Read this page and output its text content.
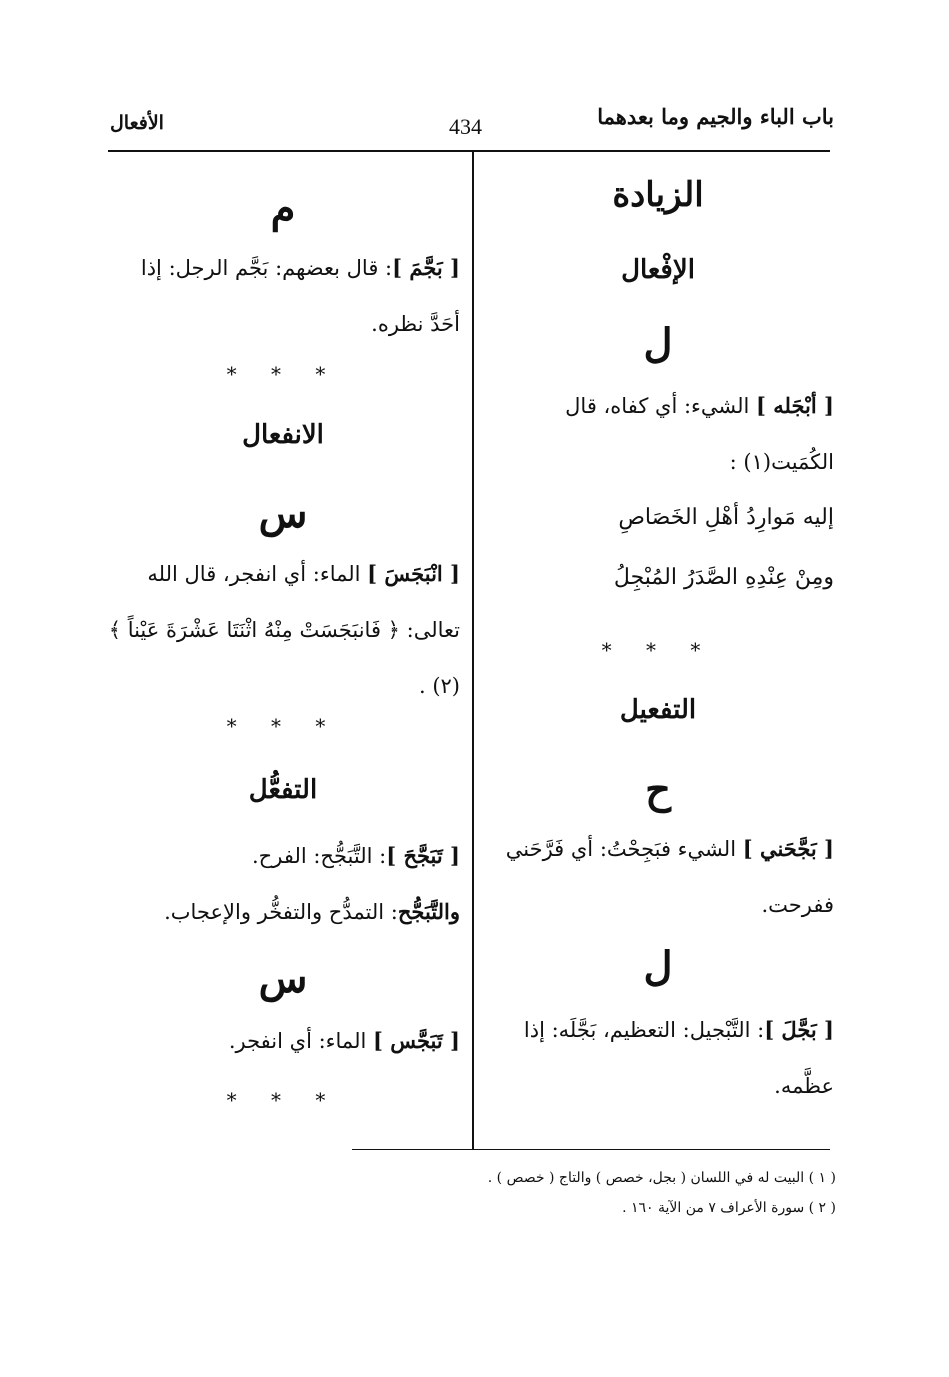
باب الباء والجيم وما بعدهما
434
الأفعال
الزيادة
الإفْعال
ل
[ أبْجَله ] الشيء: أي كفاه، قال الكُمَيت(١) :
إليه مَوارِدُ أهْلِ الخَصَاصِ
ومِنْ عِنْدِهِ الصَّدَرُ المُبْجِلُ
* * *
التفعيل
ح
[ بَجَّحَني ] الشيء فبَجِحْتُ: أي فَرَّحَني ففرحت.
ل
[ بَجَّلَ ]: التَّبْجيل: التعظيم، بَجَّلَه: إذا عظَّمه.
م
[ بَجَّمَ ]: قال بعضهم: بَجَّم الرجل: إذا أحَدَّ نظره.
* * *
الانفعال
س
[ انْبَجَسَ ] الماء: أي انفجر، قال الله تعالى: ﴿ فَانبَجَسَتْ مِنْهُ اثْنَتَا عَشْرَةَ عَيْناً ﴾(٢) .
* * *
التفعُّل
[ تَبَجَّحَ ]: التَّبَجُّح: الفرح.
والتَّبَجُّح: التمدُّح والتفخُّر والإعجاب.
س
[ تَبَجَّس ] الماء: أي انفجر.
* * *
( ١ ) البيت له في اللسان ( بجل، خصص ) والتاج ( خصص ) .
( ٢ ) سورة الأعراف ٧ من الآية ١٦٠ .
